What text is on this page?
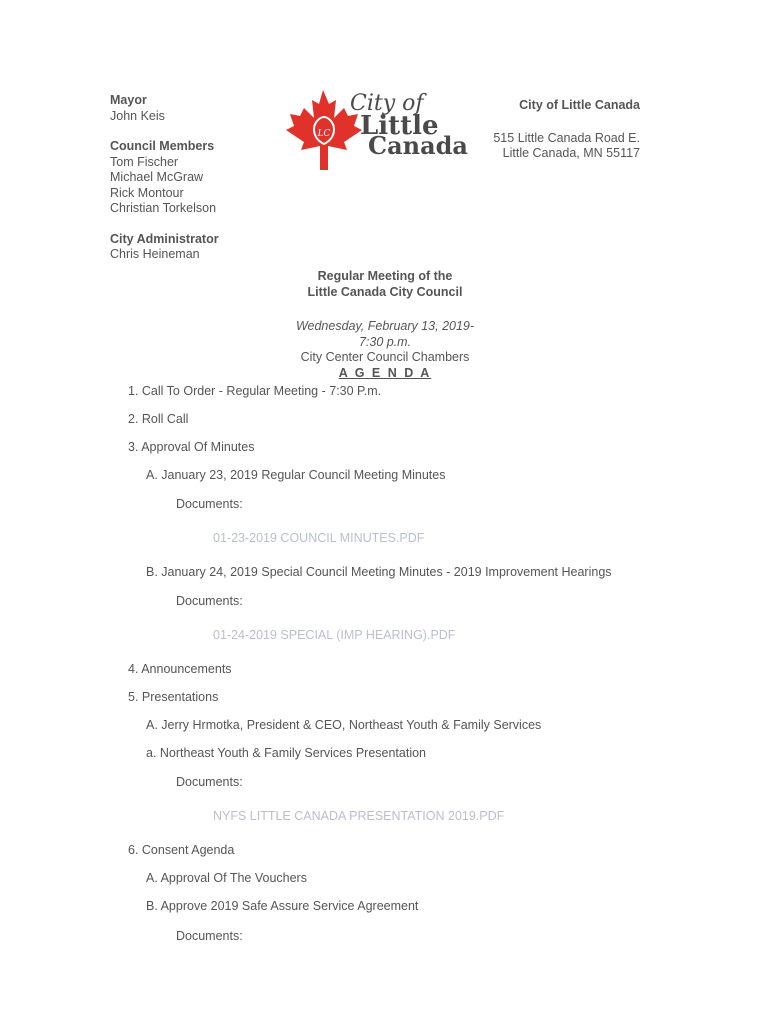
Mayor
John Keis
Council Members
Tom Fischer
Michael McGraw
Rick Montour
Christian Torkelson
City Administrator
Chris Heineman
LC
City of
Little
Canada
City of Little Canada
515 Little Canada Road E.
Little Canada, MN 55117
Regular Meeting of the
Little Canada City Council
Wednesday, February 13, 2019-
7:30 p.m.
City Center Council Chambers
A G E N D A
1. Call To Order - Regular Meeting - 7:30 P.m.
2. Roll Call
3. Approval Of Minutes
A. January 23, 2019 Regular Council Meeting Minutes
Documents:
01-23-2019 COUNCIL MINUTES.PDF
B. January 24, 2019 Special Council Meeting Minutes - 2019 Improvement Hearings
Documents:
01-24-2019 SPECIAL (IMP HEARING).PDF
4. Announcements
5. Presentations
A. Jerry Hrmotka, President & CEO, Northeast Youth & Family Services
a. Northeast Youth & Family Services Presentation
Documents:
NYFS LITTLE CANADA PRESENTATION 2019.PDF
6. Consent Agenda
A. Approval Of The Vouchers
B. Approve 2019 Safe Assure Service Agreement
Documents:
